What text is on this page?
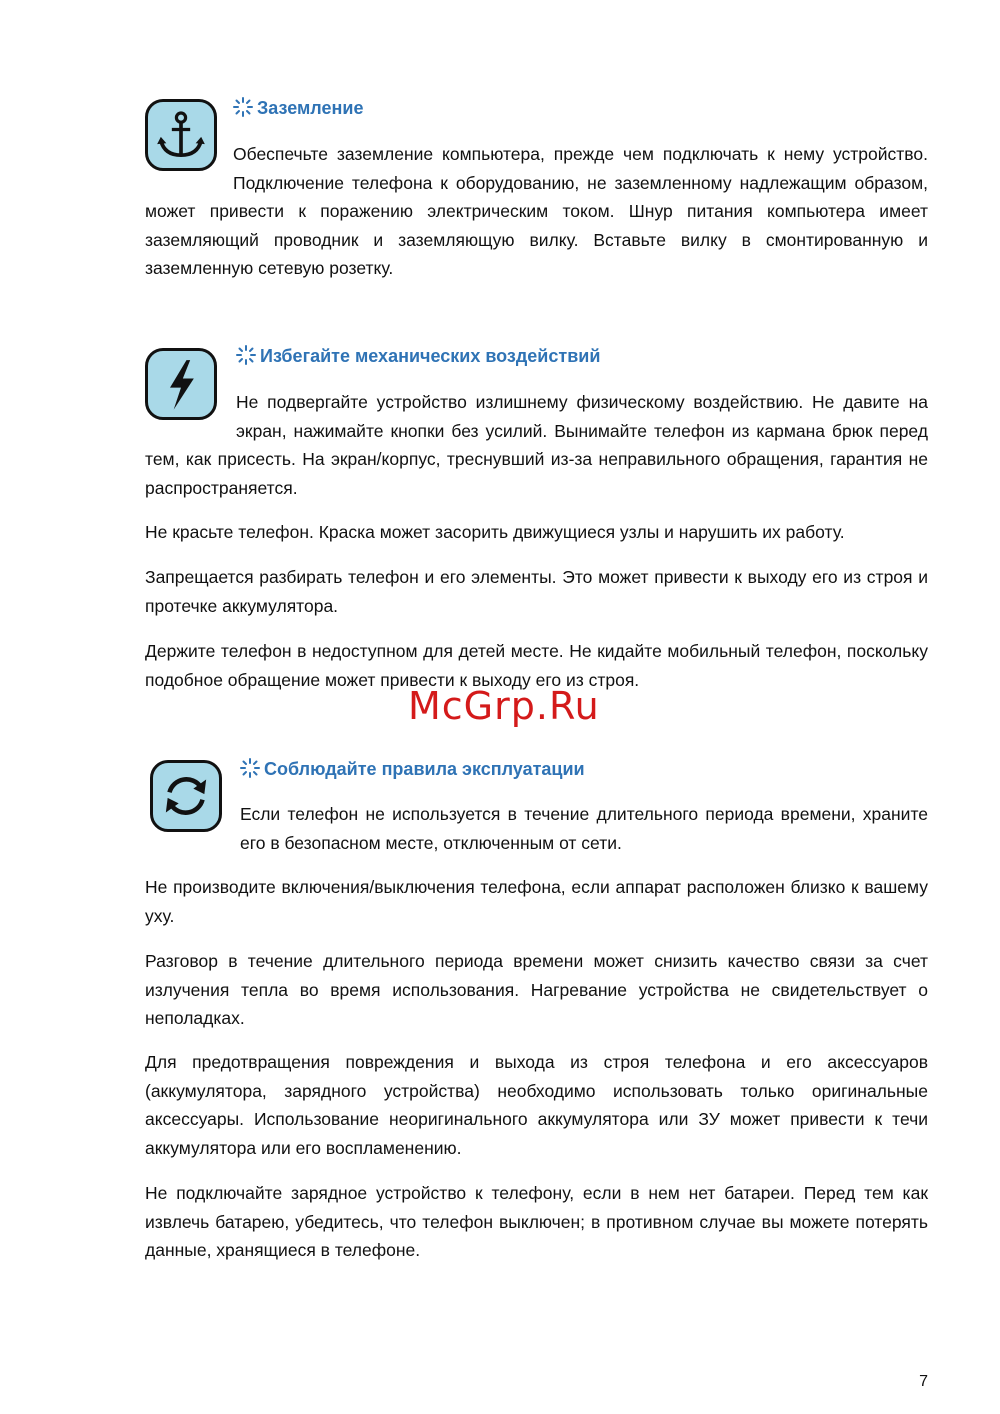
Заземление
Обеспечьте заземление компьютера, прежде чем подключать к нему устройство. Подключение телефона к оборудованию, не заземленному надлежащим образом, может привести к поражению электрическим током. Шнур питания компьютера имеет заземляющий проводник и заземляющую вилку. Вставьте вилку в смонтированную и заземленную сетевую розетку.
Избегайте механических воздействий
Не подвергайте устройство излишнему физическому воздействию. Не давите на экран, нажимайте кнопки без усилий. Вынимайте телефон из кармана брюк перед тем, как присесть. На экран/корпус, треснувший из-за неправильного обращения, гарантия не распространяется.

Не красьте телефон. Краска может засорить движущиеся узлы и нарушить их работу.

Запрещается разбирать телефон и его элементы. Это может привести к выходу его из строя и протечке аккумулятора.

Держите телефон в недоступном для детей месте. Не кидайте мобильный телефон, поскольку подобное обращение может привести к выходу его из строя.

McGrp.Ru
Соблюдайте правила эксплуатации

Если телефон не используется в течение длительного периода времени, храните его в безопасном месте, отключенным от сети.

Не производите включения/выключения телефона, если аппарат расположен близко к вашему уху.

Разговор в течение длительного периода времени может снизить качество связи за счет излучения тепла во время использования. Нагревание устройства не свидетельствует о неполадках.

Для предотвращения повреждения и выхода из строя телефона и его аксессуаров (аккумулятора, зарядного устройства) необходимо использовать только оригинальные аксессуары. Использование неоригинального аккумулятора или ЗУ может привести к течи аккумулятора или его воспламенению.

Не подключайте зарядное устройство к телефону, если в нем нет батареи. Перед тем как извлечь батарею, убедитесь, что телефон выключен; в противном случае вы можете потерять данные, хранящиеся в телефоне.

7
